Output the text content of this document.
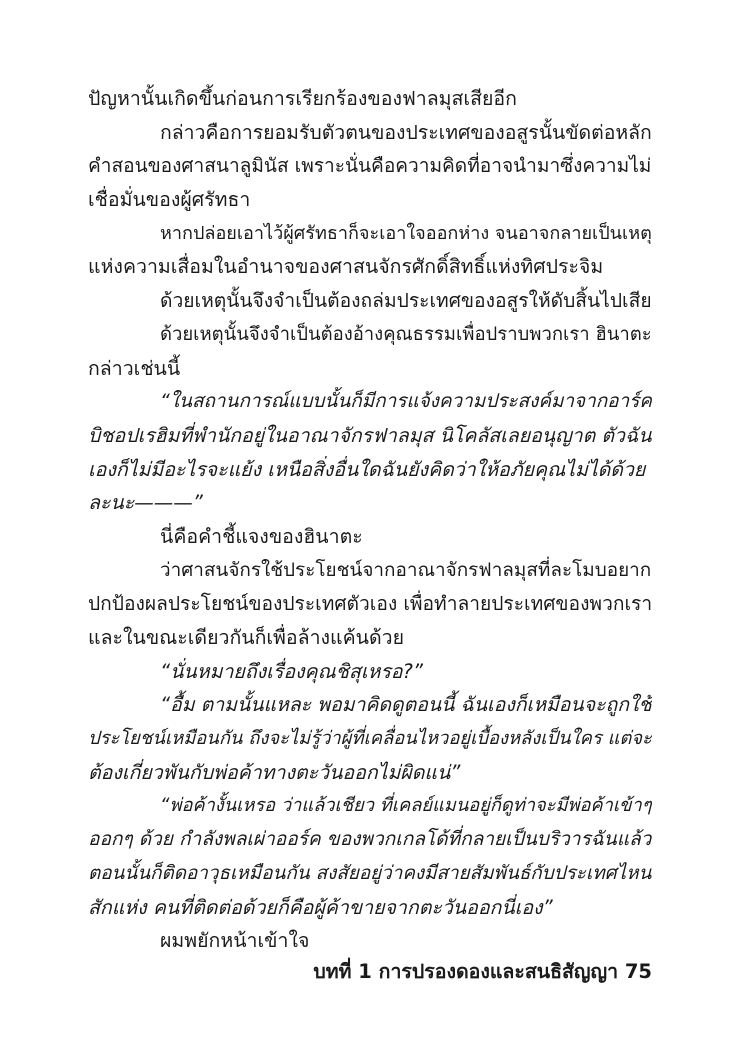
ปัญหานั้นเกิดขึ้นก่อนการเรียกร้องของฟาลมุสเสียอีก
กล่าวคือการยอมรับตัวตนของประเทศของอสูรนั้นขัดต่อหลัก
คำสอนของศาสนาลูมินัส เพราะนั่นคือความคิดที่อาจนำมาซึ่งความไม่
เชื่อมั่นของผู้ศรัทธา
หากปล่อยเอาไว้ผู้ศรัทธาก็จะเอาใจออกห่าง จนอาจกลายเป็นเหตุ
แห่งความเสื่อมในอำนาจของศาสนจักรศักดิ์สิทธิ์แห่งทิศประจิม
ด้วยเหตุนั้นจึงจำเป็นต้องถล่มประเทศของอสูรให้ดับสิ้นไปเสีย
ด้วยเหตุนั้นจึงจำเป็นต้องอ้างคุณธรรมเพื่อปราบพวกเรา ฮินาตะ
กล่าวเช่นนี้
“ในสถานการณ์แบบนั้นก็มีการแจ้งความประสงค์มาจากอาร์ค
บิชอปเรฮิมที่พำนักอยู่ในอาณาจักรฟาลมุส นิโคลัสเลยอนุญาต ตัวฉัน
เองก็ไม่มีอะไรจะแย้ง เหนือสิ่งอื่นใดฉันยังคิดว่าให้อภัยคุณไม่ได้ด้วย
ละนะ———”
นี่คือคำชี้แจงของฮินาตะ
ว่าศาสนจักรใช้ประโยชน์จากอาณาจักรฟาลมุสที่ละโมบอยาก
ปกป้องผลประโยชน์ของประเทศตัวเอง เพื่อทำลายประเทศของพวกเรา
และในขณะเดียวกันก็เพื่อล้างแค้นด้วย
“นั่นหมายถึงเรื่องคุณชิสุเหรอ?”
“อื้ม ตามนั้นแหละ พอมาคิดดูตอนนี้ ฉันเองก็เหมือนจะถูกใช้
ประโยชน์เหมือนกัน ถึงจะไม่รู้ว่าผู้ที่เคลื่อนไหวอยู่เบื้องหลังเป็นใคร แต่จะ
ต้องเกี่ยวพันกับพ่อค้าทางตะวันออกไม่ผิดแน่”
“พ่อค้างั้นเหรอ ว่าแล้วเชียว ที่เคลย์แมนอยู่ก็ดูท่าจะมีพ่อค้าเข้าๆ
ออกๆ ด้วย กำลังพลเผ่าออร์ค ของพวกเกลโด้ที่กลายเป็นบริวารฉันแล้ว
ตอนนั้นก็ติดอาวุธเหมือนกัน สงสัยอยู่ว่าคงมีสายสัมพันธ์กับประเทศไหน
สักแห่ง คนที่ติดต่อด้วยก็คือผู้ค้าขายจากตะวันออกนี่เอง”
ผมพยักหน้าเข้าใจ
บทที่ 1 การปรองดองและสนธิสัญญา 75
